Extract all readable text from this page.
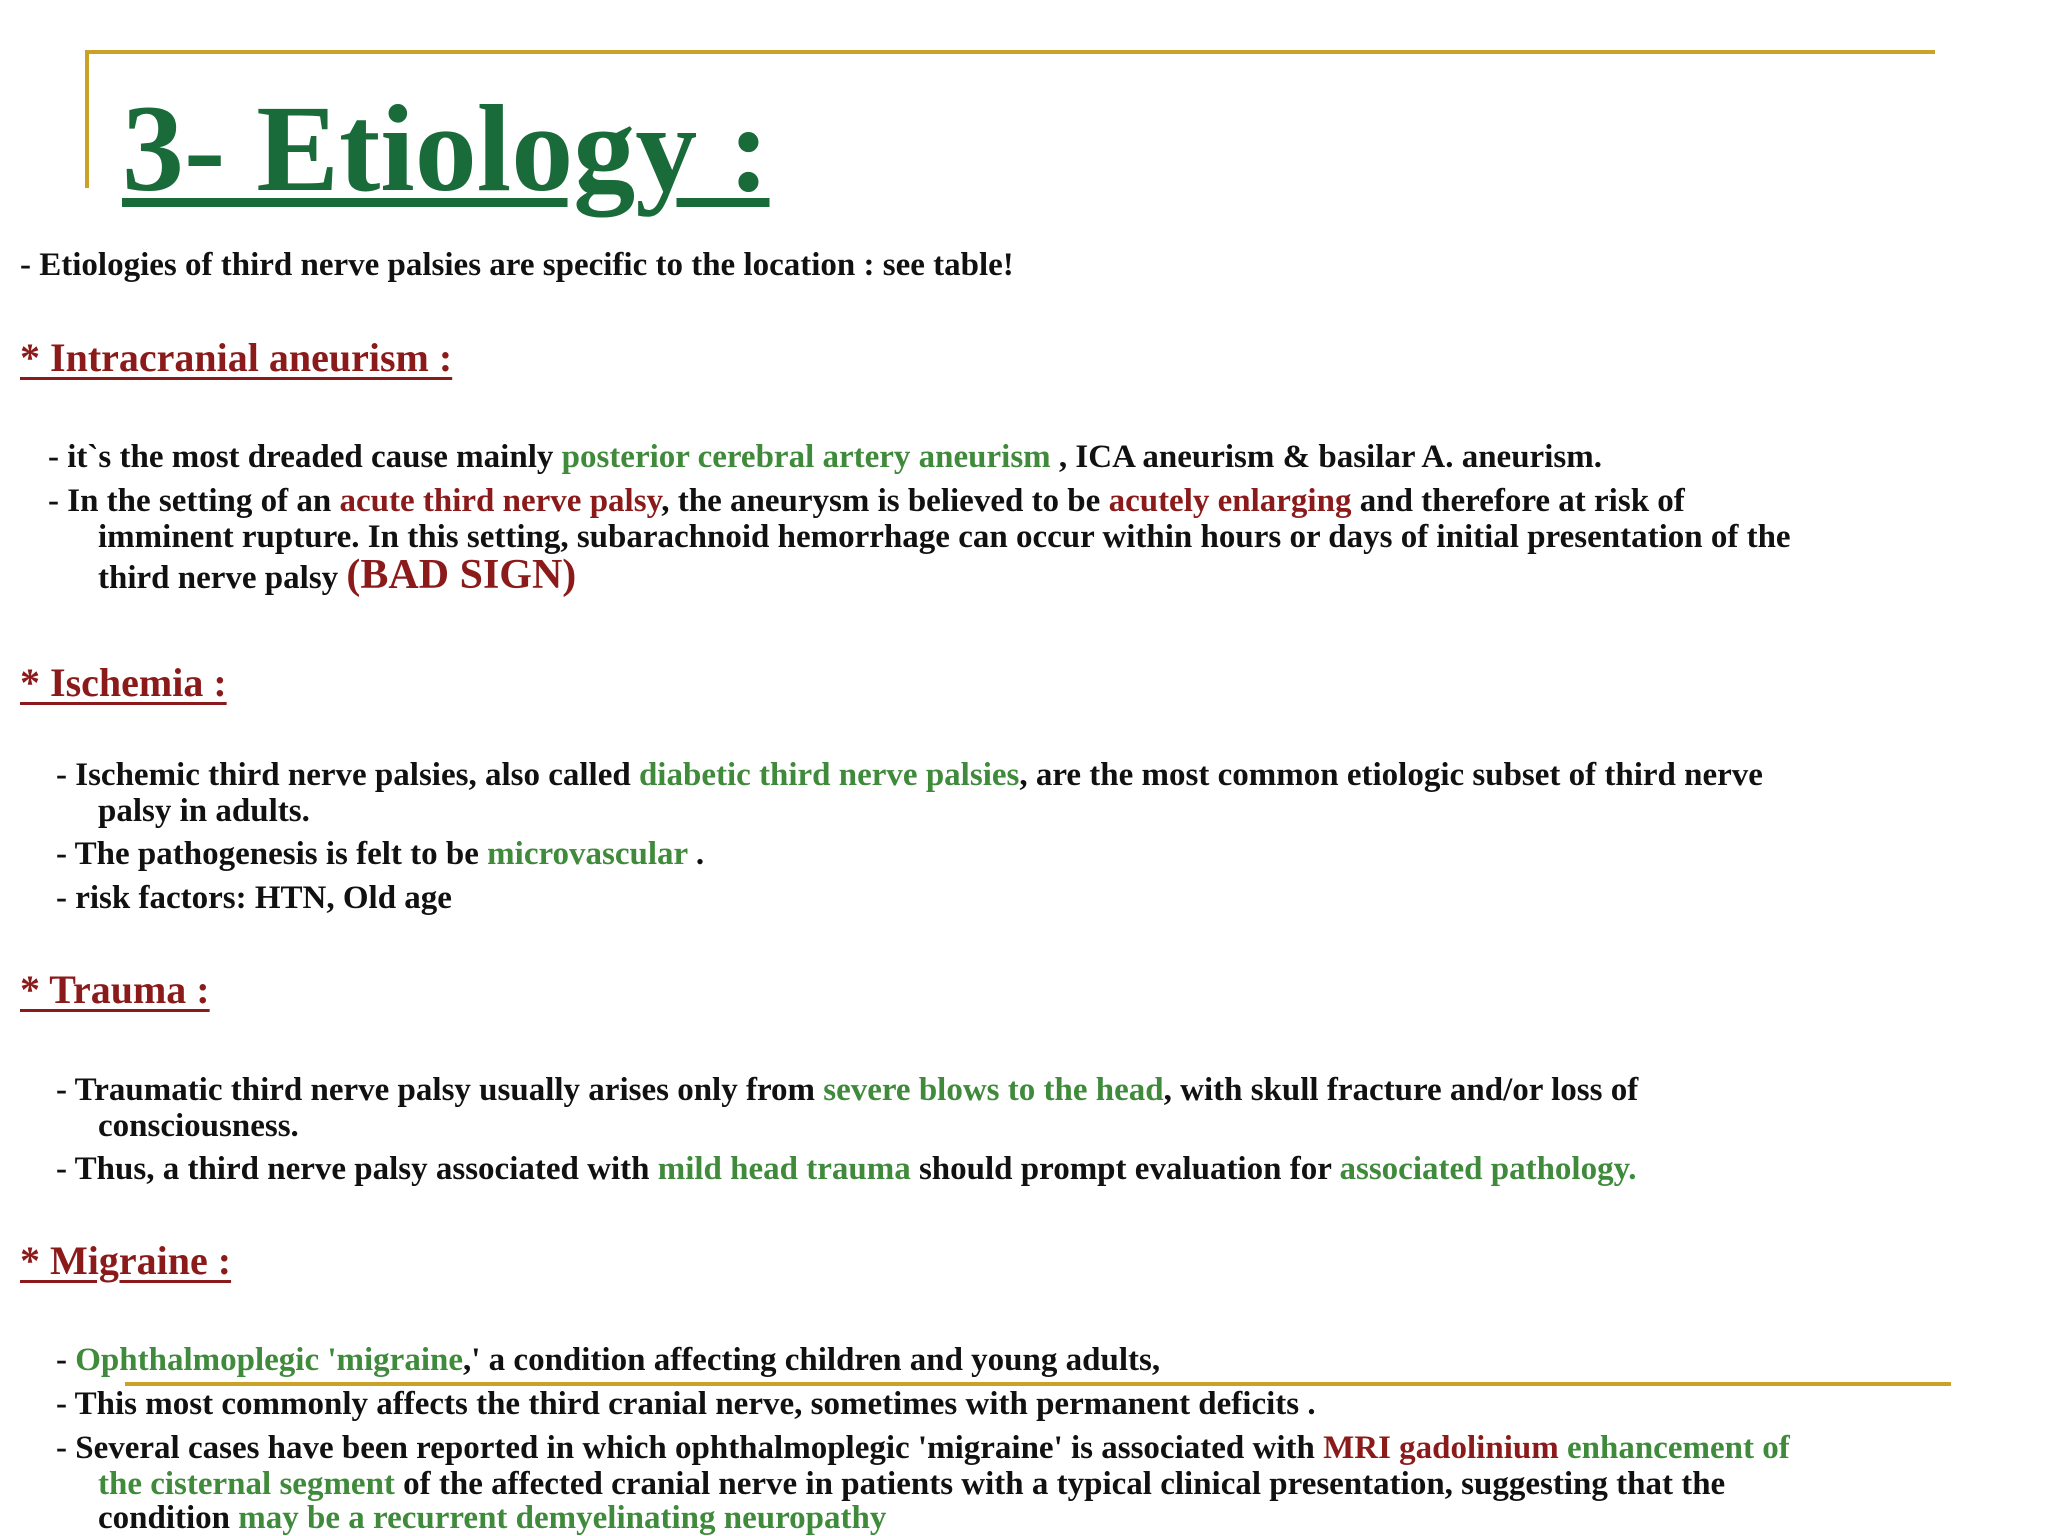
3- Etiology :
- Etiologies of third nerve palsies are specific to the location : see table!
* Intracranial aneurism :
- it`s the most dreaded cause mainly posterior cerebral artery aneurism , ICA aneurism & basilar A. aneurism.
- In the setting of an acute third nerve palsy, the aneurysm is believed to be acutely enlarging and therefore at risk of
imminent rupture. In this setting, subarachnoid hemorrhage can occur within hours or days of initial presentation of the
third nerve palsy (BAD SIGN)
* Ischemia :
- Ischemic third nerve palsies, also called diabetic third nerve palsies, are the most common etiologic subset of third nerve
palsy in adults.
- The pathogenesis is felt to be microvascular .
- risk factors: HTN, Old age
* Trauma :
- Traumatic third nerve palsy usually arises only from severe blows to the head, with skull fracture and/or loss of
consciousness.
- Thus, a third nerve palsy associated with mild head trauma should prompt evaluation for associated pathology.
* Migraine :
- Ophthalmoplegic 'migraine,' a condition affecting children and young adults,
- This most commonly affects the third cranial nerve, sometimes with permanent deficits .
- Several cases have been reported in which ophthalmoplegic 'migraine' is associated with MRI gadolinium enhancement of
the cisternal segment of the affected cranial nerve in patients with a typical clinical presentation, suggesting that the
condition may be a recurrent demyelinating neuropathy
